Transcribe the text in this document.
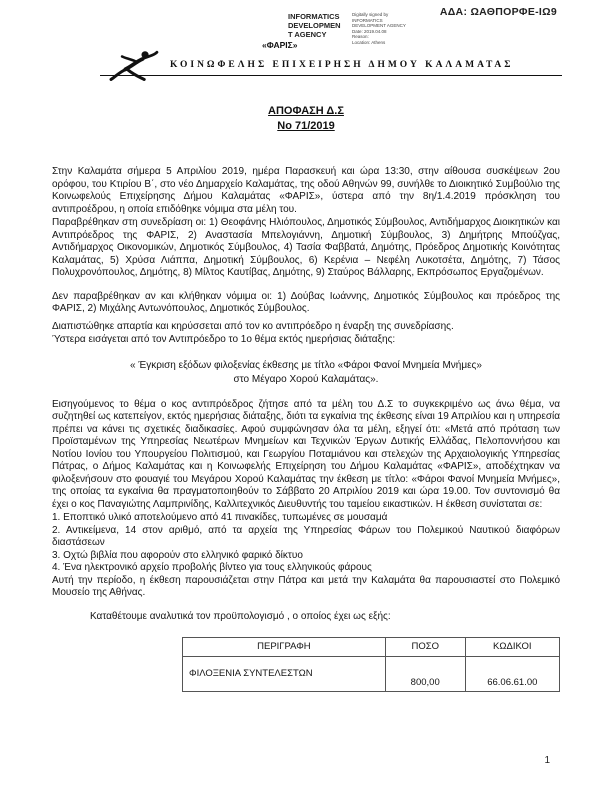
ΑΔΑ: ΩΑΘΠΟΡΦΕ-ΙΩ9
INFORMATICS
DEVELOPMEN
T AGENCY
Digitally signed by
INFORMATICS
DEVELOPMENT AGENCY
Date: 2019.04.08
Reason:
Location: Athens
«ΦΑΡΙΣ»
ΚΟΙΝΩΦΕΛΗΣ ΕΠΙΧΕΙΡΗΣΗ ΔΗΜΟΥ ΚΑΛΑΜΑΤΑΣ
ΑΠΟΦΑΣΗ Δ.Σ
Νο 71/2019

Στην Καλαμάτα σήμερα 5 Απριλίου 2019, ημέρα Παρασκευή και ώρα 13:30, στην αίθουσα συσκέψεων 2ου ορόφου, του Κτιρίου Β΄, στο νέο Δημαρχείο Καλαμάτας, της οδού Αθηνών 99, συνήλθε το Διοικητικό Συμβούλιο της Κοινωφελούς Επιχείρησης Δήμου Καλαμάτας «ΦΑΡΙΣ», ύστερα από την 8η/1.4.2019 πρόσκληση του αντιπροέδρου, η οποία επιδόθηκε νόμιμα στα μέλη του.

Παραβρέθηκαν στη συνεδρίαση οι: 1) Θεοφάνης Ηλιόπουλος, Δημοτικός Σύμβουλος, Αντιδήμαρχος Διοικητικών και Αντιπρόεδρος της ΦΑΡΙΣ, 2) Αναστασία Μπελογιάννη, Δημοτική Σύμβουλος, 3) Δημήτρης Μπούζγας, Αντιδήμαρχος Οικονομικών, Δημοτικός Σύμβουλος, 4) Τασία Φαββατά, Δημότης, Πρόεδρος Δημοτικής Κοινότητας Καλαμάτας, 5) Χρύσα Λιάππα, Δημοτική Σύμβουλος, 6) Κερένια – Νεφέλη Λυκοτσέτα, Δημότης, 7) Τάσος Πολυχρονόπουλος, Δημότης, 8) Μίλτος Καυτίβας, Δημότης, 9) Σταύρος Βάλλαρης, Εκπρόσωπος Εργαζομένων.

Δεν παραβρέθηκαν αν και κλήθηκαν νόμιμα οι: 1) Δούβας Ιωάννης, Δημοτικός Σύμβουλος και πρόεδρος της ΦΑΡΙΣ, 2) Μιχάλης Αντωνόπουλος, Δημοτικός Σύμβουλος.

Διαπιστώθηκε απαρτία και κηρύσσεται από τον κο αντιπρόεδρο η έναρξη της συνεδρίασης.

Ύστερα εισάγεται από τον Αντιπρόεδρο το 1ο θέμα εκτός ημερήσιας διάταξης:

« Έγκριση εξόδων φιλοξενίας έκθεσης με τίτλο «Φάροι Φανοί Μνημεία Μνήμες»

στο Μέγαρο Χορού Καλαμάτας».

Εισηγούμενος το θέμα ο κος αντιπρόεδρος ζήτησε από τα μέλη του Δ.Σ το συγκεκριμένο ως άνω θέμα, να συζητηθεί ως κατεπείγον, εκτός ημερήσιας διάταξης, διότι τα εγκαίνια της έκθεσης είναι 19 Απριλίου και η υπηρεσία πρέπει να κάνει τις σχετικές διαδικασίες. Αφού συμφώνησαν όλα τα μέλη, εξηγεί ότι: «Μετά από πρόταση των Προϊσταμένων της Υπηρεσίας Νεωτέρων Μνημείων και Τεχνικών Έργων Δυτικής Ελλάδας, Πελοποννήσου και Νοτίου Ιονίου του Υπουργείου Πολιτισμού, και Γεωργίου Ποταμιάνου και στελεχών της Αρχαιολογικής Υπηρεσίας Πάτρας, ο Δήμος Καλαμάτας και η Κοινωφελής Επιχείρηση του Δήμου Καλαμάτας «ΦΑΡΙΣ», αποδέχτηκαν να φιλοξενήσουν στο φουαγιέ του Μεγάρου Χορού Καλαμάτας την έκθεση με τίτλο: «Φάροι Φανοί Μνημεία Μνήμες», της οποίας τα εγκαίνια θα πραγματοποιηθούν το Σάββατο 20 Απριλίου 2019 και ώρα 19.00. Τον συντονισμό θα έχει ο κος Παναγιώτης Λαμπρινίδης, Καλλιτεχνικός Διευθυντής του ταμείου εικαστικών. Η έκθεση συνίσταται σε:

1. Εποπτικό υλικό αποτελούμενο από 41 πινακίδες, τυπωμένες σε μουσαμά
2. Αντικείμενα, 14 στον αριθμό, από τα αρχεία της Υπηρεσίας Φάρων του Πολεμικού Ναυτικού διαφόρων διαστάσεων
3. Οχτώ βιβλία που αφορούν στο ελληνικό φαρικό δίκτυο
4. Ένα ηλεκτρονικό αρχείο προβολής βίντεο για τους ελληνικούς φάρους

Αυτή την περίοδο, η έκθεση παρουσιάζεται στην Πάτρα και μετά την Καλαμάτα θα παρουσιαστεί στο Πολεμικό Μουσείο της Αθήνας.

Καταθέτουμε αναλυτικά τον προϋπολογισμό , ο οποίος έχει ως εξής:

ΠΕΡΙΓΡΑΦΗ	ΠΟΣΟ	ΚΩΔΙΚΟΙ
ΦΙΛΟΞΕΝΙΑ ΣΥΝΤΕΛΕΣΤΩΝ	800,00	66.06.61.00
1
